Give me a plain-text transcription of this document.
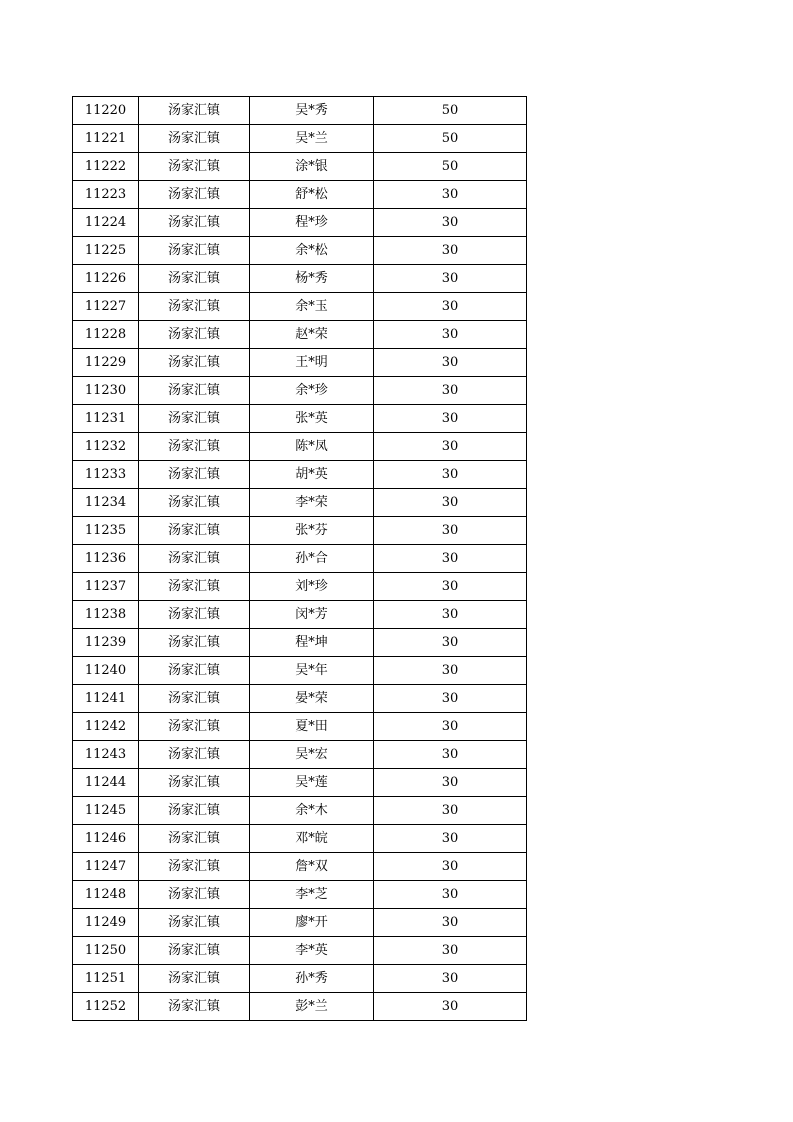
11220	汤家汇镇	吴*秀	50
11221	汤家汇镇	吴*兰	50
11222	汤家汇镇	涂*银	50
11223	汤家汇镇	舒*松	30
11224	汤家汇镇	程*珍	30
11225	汤家汇镇	余*松	30
11226	汤家汇镇	杨*秀	30
11227	汤家汇镇	余*玉	30
11228	汤家汇镇	赵*荣	30
11229	汤家汇镇	王*明	30
11230	汤家汇镇	余*珍	30
11231	汤家汇镇	张*英	30
11232	汤家汇镇	陈*凤	30
11233	汤家汇镇	胡*英	30
11234	汤家汇镇	李*荣	30
11235	汤家汇镇	张*芬	30
11236	汤家汇镇	孙*合	30
11237	汤家汇镇	刘*珍	30
11238	汤家汇镇	闵*芳	30
11239	汤家汇镇	程*坤	30
11240	汤家汇镇	吴*年	30
11241	汤家汇镇	晏*荣	30
11242	汤家汇镇	夏*田	30
11243	汤家汇镇	吴*宏	30
11244	汤家汇镇	吴*莲	30
11245	汤家汇镇	余*木	30
11246	汤家汇镇	邓*皖	30
11247	汤家汇镇	詹*双	30
11248	汤家汇镇	李*芝	30
11249	汤家汇镇	廖*开	30
11250	汤家汇镇	李*英	30
11251	汤家汇镇	孙*秀	30
11252	汤家汇镇	彭*兰	30
